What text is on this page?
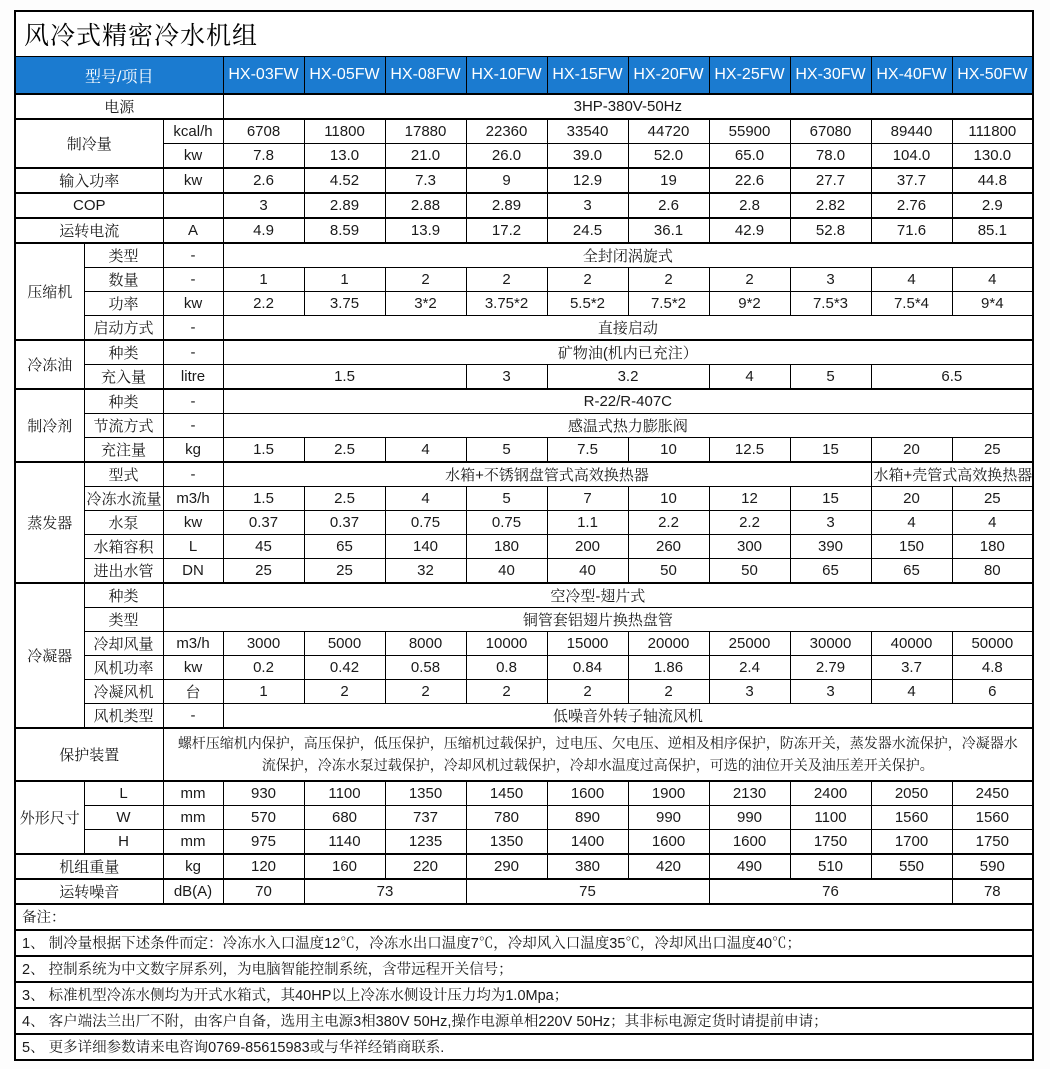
风冷式精密冷水机组												
型号/项目			HX-03FW	HX-05FW	HX-08FW	HX-10FW	HX-15FW	HX-20FW	HX-25FW	HX-30FW	HX-40FW	HX-50FW
电源			3HP-380V-50Hz									
制冷量		kcal/h	6708	11800	17880	22360	33540	44720	55900	67080	89440	111800
		kw	7.8	13.0	21.0	26.0	39.0	52.0	65.0	78.0	104.0	130.0
输入功率		kw	2.6	4.52	7.3	9	12.9	19	22.6	27.7	37.7	44.8
COP			3	2.89	2.88	2.89	3	2.6	2.8	2.82	2.76	2.9
运转电流		A	4.9	8.59	13.9	17.2	24.5	36.1	42.9	52.8	71.6	85.1
压缩机	类型	-	全封闭涡旋式									
	数量	-	1	1	2	2	2	2	2	3	4	4
	功率	kw	2.2	3.75	3*2	3.75*2	5.5*2	7.5*2	9*2	7.5*3	7.5*4	9*4
	启动方式	-	直接启动									
冷冻油	种类	-	矿物油(机内已充注）									
	充入量	litre	1.5			3	3.2		4	5	6.5	
制冷剂	种类	-	R-22/R-407C									
	节流方式	-	感温式热力膨胀阀									
	充注量	kg	1.5	2.5	4	5	7.5	10	12.5	15	20	25
蒸发器	型式	-	水箱+不锈钢盘管式高效换热器								水箱+壳管式高效换热器	
	冷冻水流量	m3/h	1.5	2.5	4	5	7	10	12	15	20	25
	水泵	kw	0.37	0.37	0.75	0.75	1.1	2.2	2.2	3	4	4
	水箱容积	L	45	65	140	180	200	260	300	390	150	180
	进出水管	DN	25	25	32	40	40	50	50	65	65	80
冷凝器	种类	空冷型-翅片式										
	类型	铜管套铝翅片换热盘管										
	冷却风量	m3/h	3000	5000	8000	10000	15000	20000	25000	30000	40000	50000
	风机功率	kw	0.2	0.42	0.58	0.8	0.84	1.86	2.4	2.79	3.7	4.8
	冷凝风机	台	1	2	2	2	2	2	3	3	4	6
	风机类型	-	低噪音外转子轴流风机									
保护装置		螺杆压缩机内保护，高压保护，低压保护，压缩机过载保护，过电压、欠电压、逆相及相序保护，防冻开关，蒸发器水流保护，冷凝器水流保护，冷冻水泵过载保护，冷却风机过载保护，冷却水温度过高保护，可选的油位开关及油压差开关保护。										
外形尺寸	L	mm	930	1100	1350	1450	1600	1900	2130	2400	2050	2450
	W	mm	570	680	737	780	890	990	990	1100	1560	1560
	H	mm	975	1140	1235	1350	1400	1600	1600	1750	1700	1750
机组重量		kg	120	160	220	290	380	420	490	510	550	590
运转噪音		dB(A)	70	73		75			76			78
备注：												
1、 制冷量根据下述条件而定：冷冻水入口温度12℃，冷冻水出口温度7℃，冷却风入口温度35℃，冷却风出口温度40℃；												
2、 控制系统为中文数字屏系列，为电脑智能控制系统，含带远程开关信号；												
3、 标准机型冷冻水侧均为开式水箱式，其40HP以上冷冻水侧设计压力均为1.0Mpa；												
4、 客户端法兰出厂不附，由客户自备，选用主电源3相380V 50Hz,操作电源单相220V 50Hz；其非标电源定货时请提前申请；												
5、 更多详细参数请来电咨询0769-85615983或与华祥经销商联系.												
